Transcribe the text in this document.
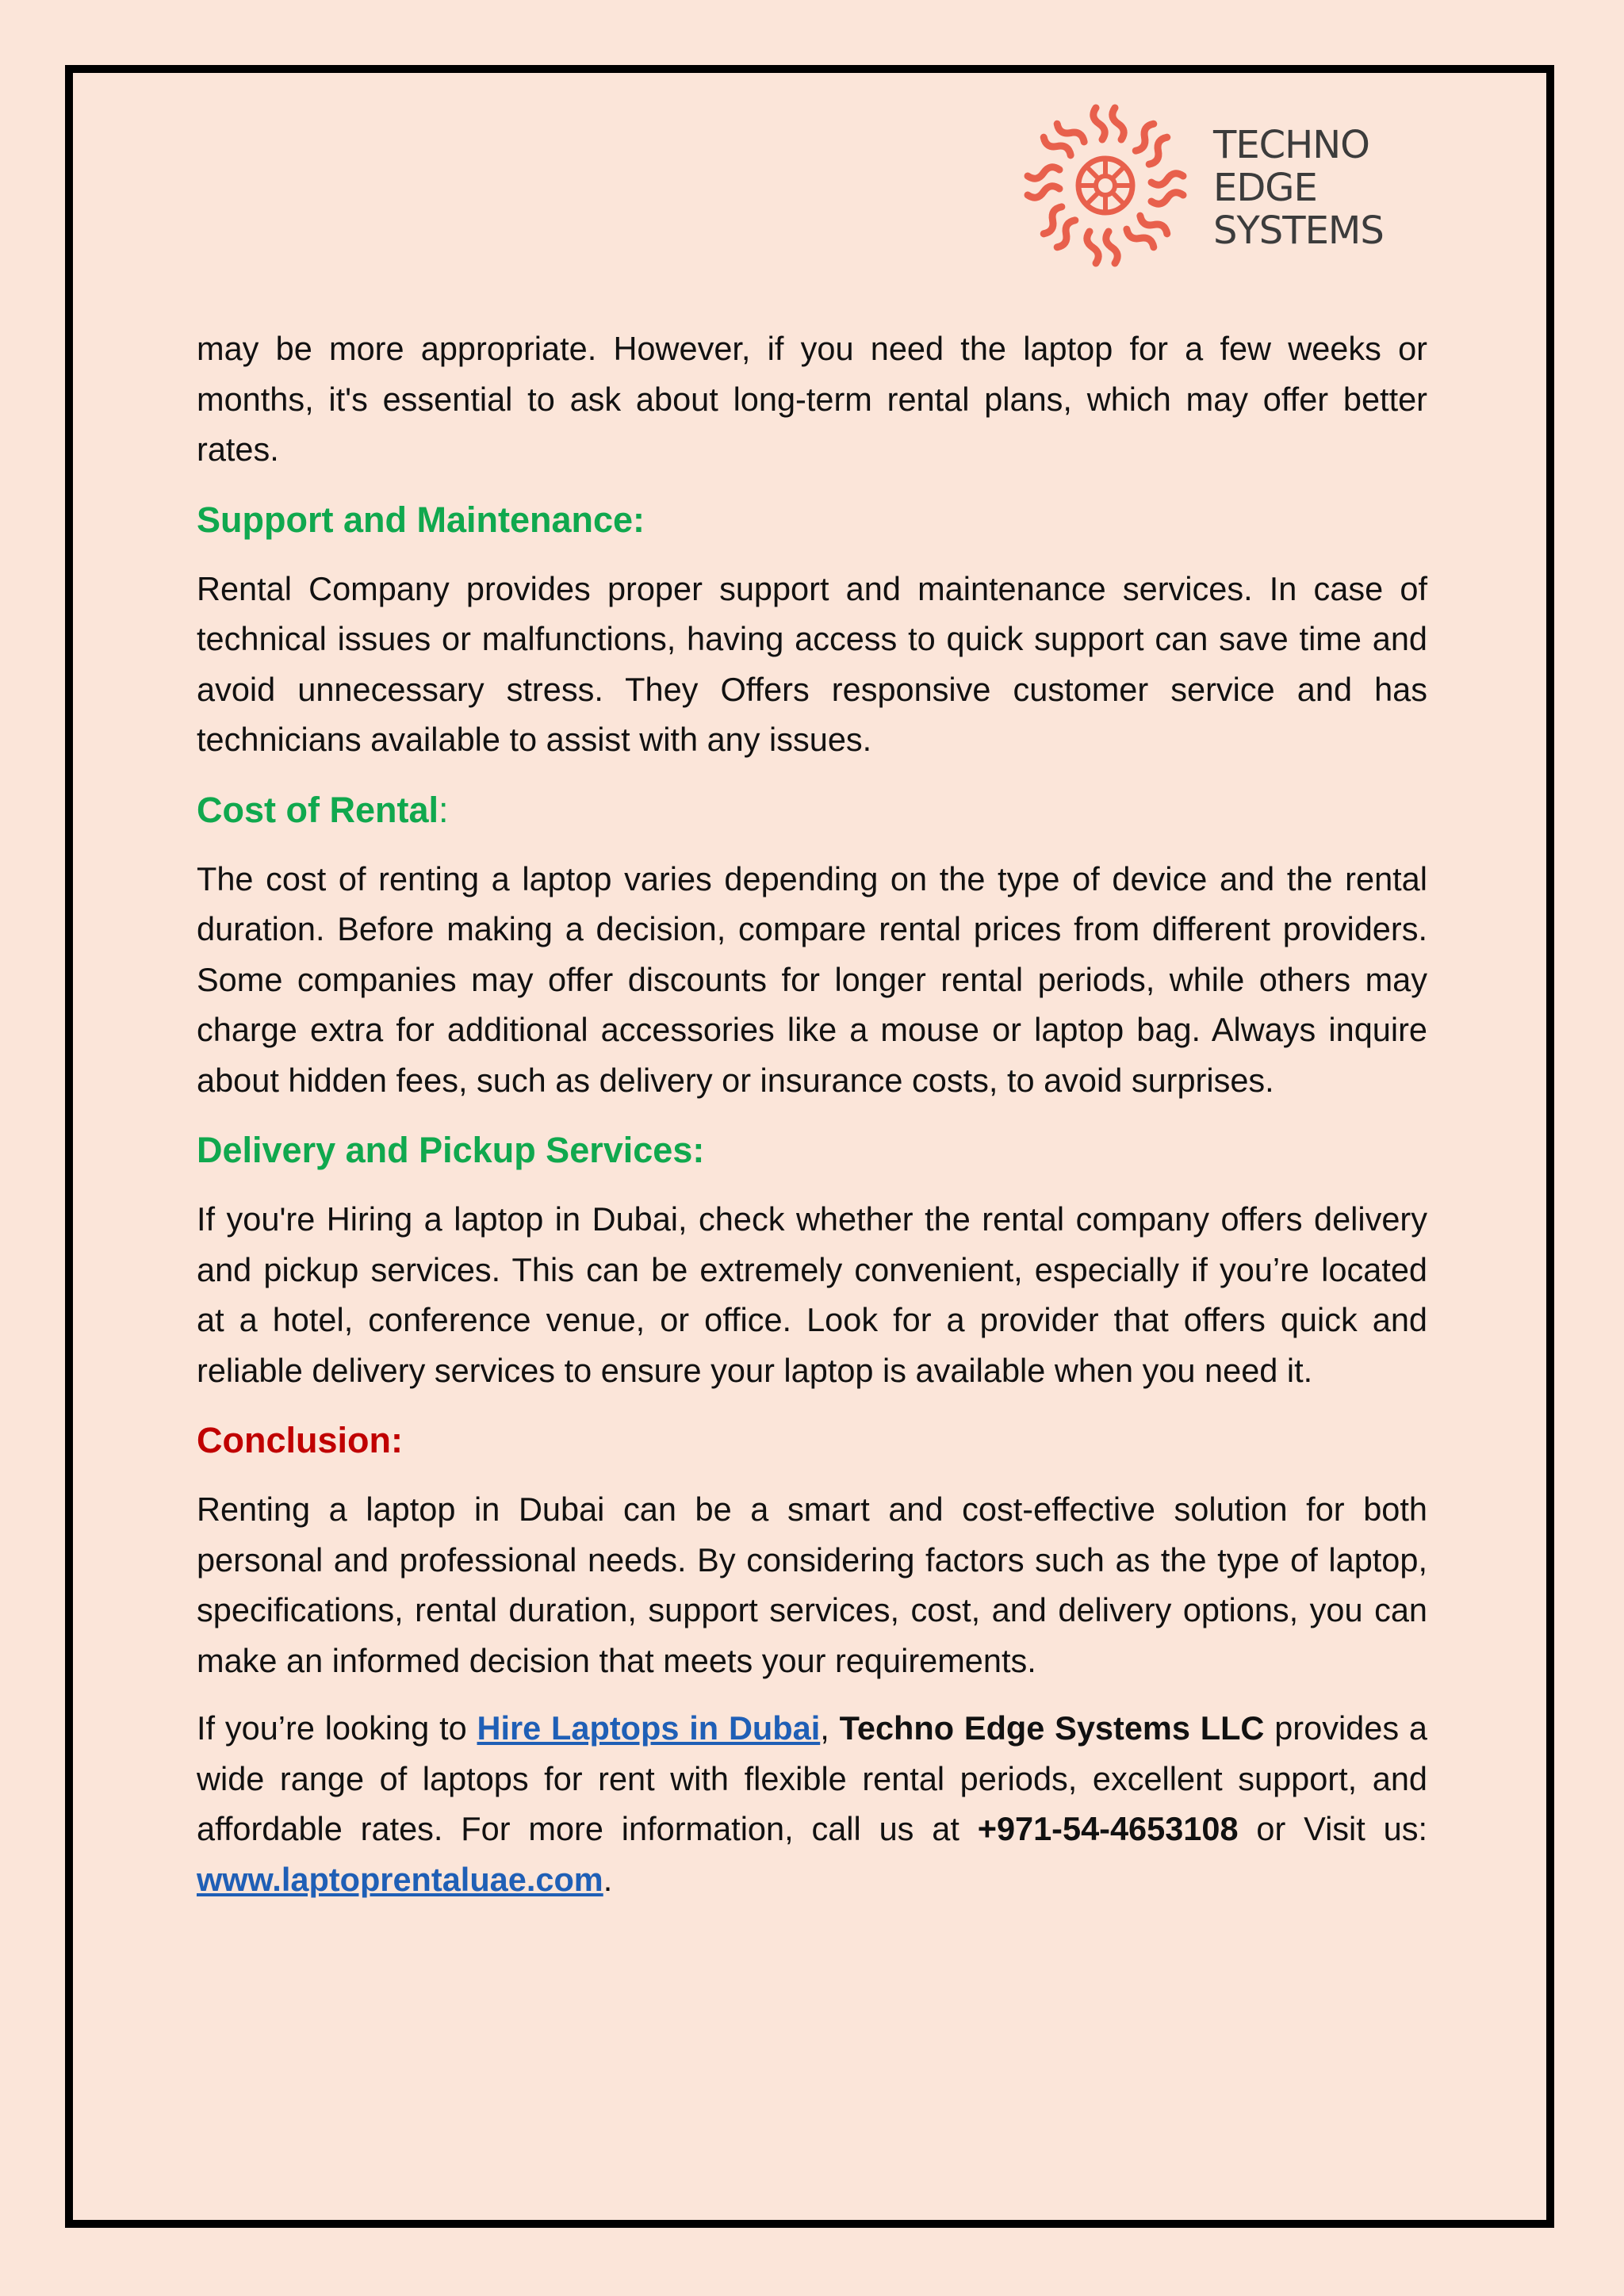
TECHNO
EDGE
SYSTEMS

may be more appropriate. However, if you need the laptop for a few weeks or months, it's essential to ask about long-term rental plans, which may offer better rates.

Support and Maintenance:

Rental Company provides proper support and maintenance services. In case of technical issues or malfunctions, having access to quick support can save time and avoid unnecessary stress. They Offers responsive customer service and has technicians available to assist with any issues.

Cost of Rental:

The cost of renting a laptop varies depending on the type of device and the rental duration. Before making a decision, compare rental prices from different providers. Some companies may offer discounts for longer rental periods, while others may charge extra for additional accessories like a mouse or laptop bag. Always inquire about hidden fees, such as delivery or insurance costs, to avoid surprises.

Delivery and Pickup Services:

If you're Hiring a laptop in Dubai, check whether the rental company offers delivery and pickup services. This can be extremely convenient, especially if you’re located at a hotel, conference venue, or office. Look for a provider that offers quick and reliable delivery services to ensure your laptop is available when you need it.

Conclusion:

Renting a laptop in Dubai can be a smart and cost-effective solution for both personal and professional needs. By considering factors such as the type of laptop, specifications, rental duration, support services, cost, and delivery options, you can make an informed decision that meets your requirements.

If you’re looking to Hire Laptops in Dubai, Techno Edge Systems LLC provides a wide range of laptops for rent with flexible rental periods, excellent support, and affordable rates. For more information, call us at +971-54-4653108 or Visit us: www.laptoprentaluae.com.
